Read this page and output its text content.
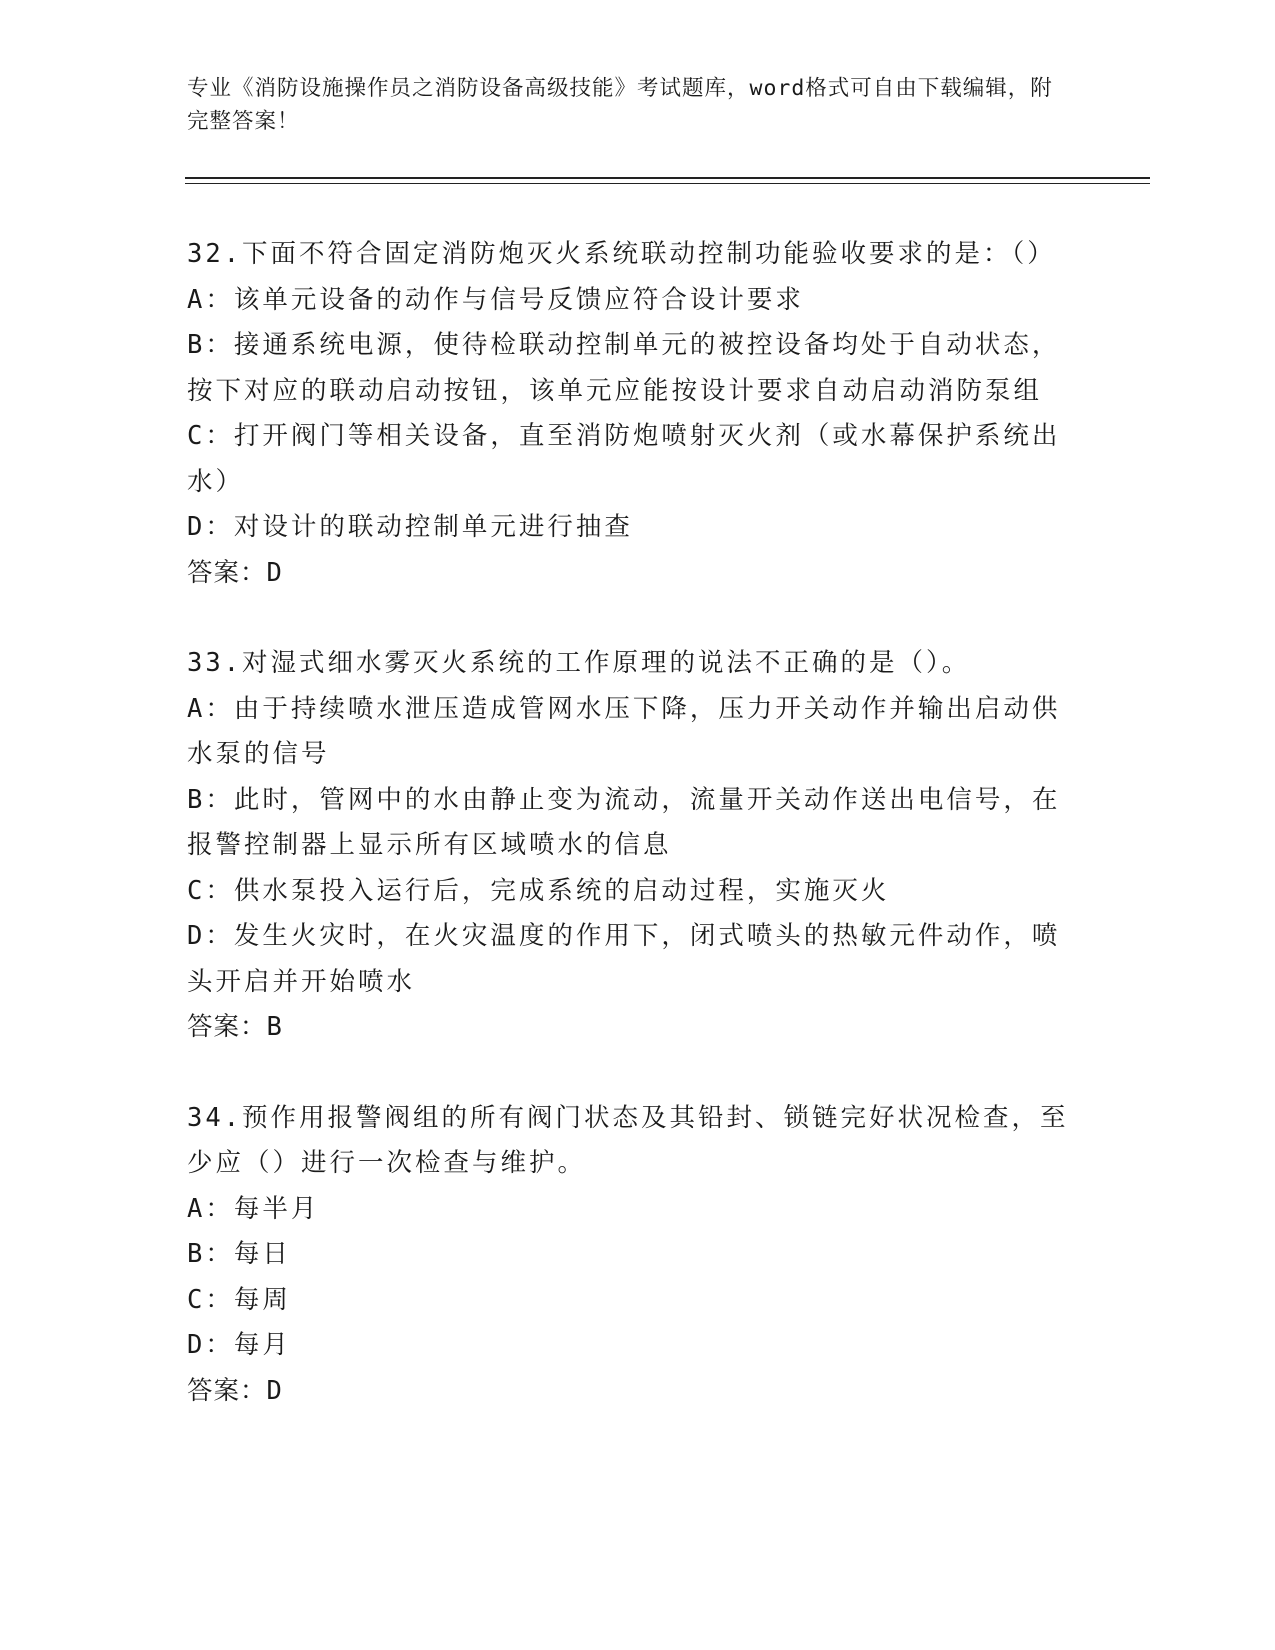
专业《消防设施操作员之消防设备高级技能》考试题库，word格式可自由下载编辑，附完整答案！
32.下面不符合固定消防炮灭火系统联动控制功能验收要求的是：（）
A：该单元设备的动作与信号反馈应符合设计要求
B：接通系统电源，使待检联动控制单元的被控设备均处于自动状态，按下对应的联动启动按钮，该单元应能按设计要求自动启动消防泵组
C：打开阀门等相关设备，直至消防炮喷射灭火剂（或水幕保护系统出水）
D：对设计的联动控制单元进行抽查
答案：D
33.对湿式细水雾灭火系统的工作原理的说法不正确的是（）。
A：由于持续喷水泄压造成管网水压下降，压力开关动作并输出启动供水泵的信号
B：此时，管网中的水由静止变为流动，流量开关动作送出电信号，在报警控制器上显示所有区域喷水的信息
C：供水泵投入运行后，完成系统的启动过程，实施灭火
D：发生火灾时，在火灾温度的作用下，闭式喷头的热敏元件动作，喷头开启并开始喷水
答案：B
34.预作用报警阀组的所有阀门状态及其铅封、锁链完好状况检查，至少应（）进行一次检查与维护。
A：每半月
B：每日
C：每周
D：每月
答案：D
